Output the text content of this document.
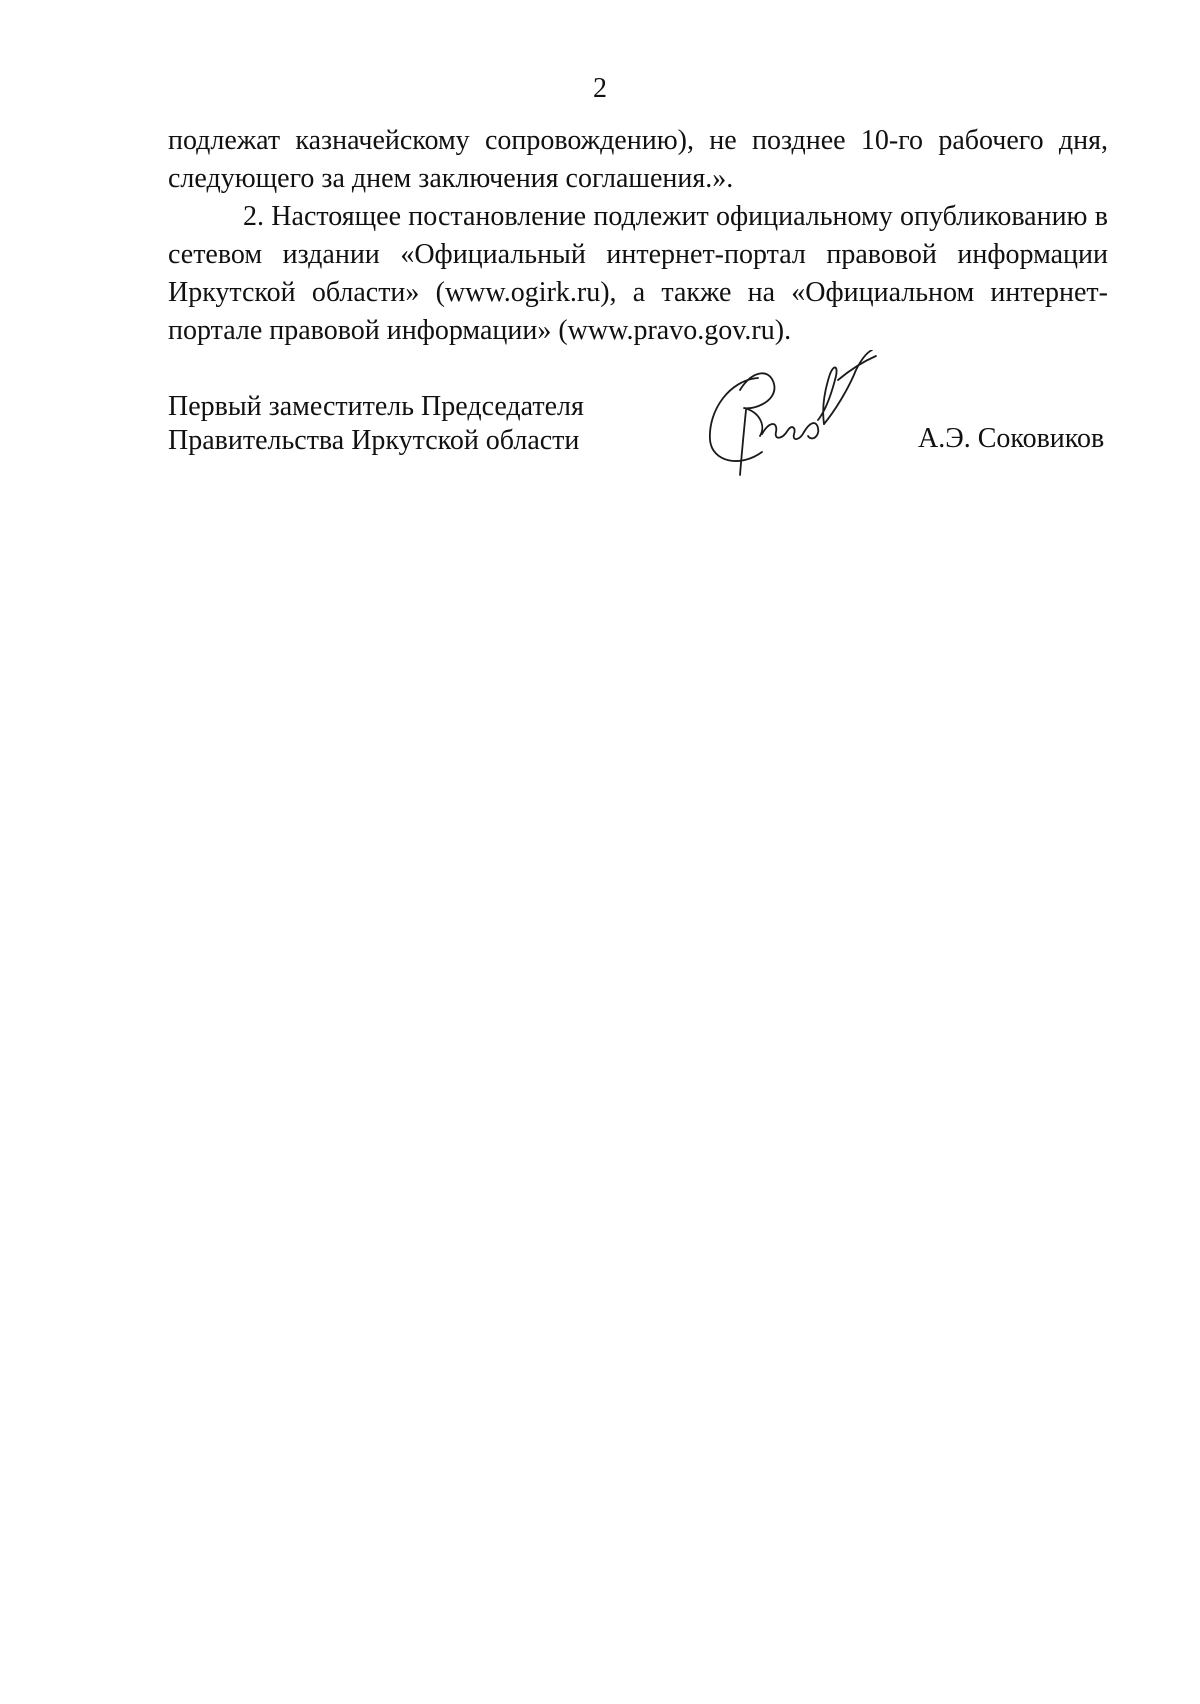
2

подлежат казначейскому сопровождению), не позднее 10-го рабочего дня, следующего за днем заключения соглашения.».

2. Настоящее постановление подлежит официальному опубликованию в сетевом издании «Официальный интернет-портал правовой информации Иркутской области» (www.ogirk.ru), а также на «Официальном интернет-портале правовой информации» (www.pravo.gov.ru).

Первый заместитель Председателя
Правительства Иркутской области	А.Э. Соковиков
